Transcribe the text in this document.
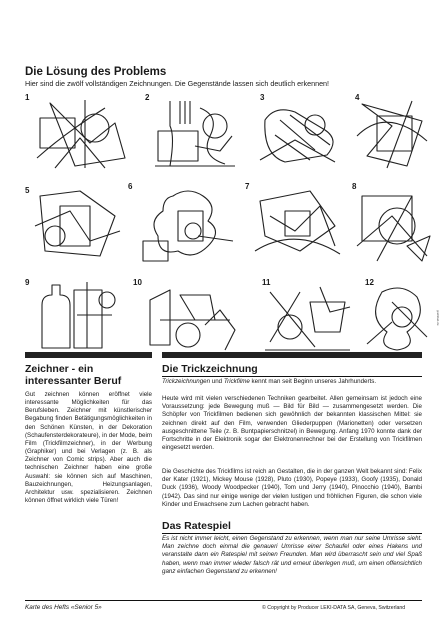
Die Lösung des Problems
Hier sind die zwölf vollständigen Zeichnungen. Die Gegenstände lassen sich deutlich erkennen!
1	2	3	4
5	6	7	8
9	10	11	12
Zeichner - ein
interessanter Beruf
Gut zeichnen können eröffnet viele interessante Möglichkeiten für das Berufsleben. Zeichner mit künstlerischer Begabung finden Betätigungsmöglichkeiten in den Schönen Künsten, in der Dekoration (Schaufensterdekorateure), in der Mode, beim Film (Trickfilmzeichner), in der Werbung (Graphiker) und bei Verlagen (z. B. als Zeichner von Comic strips). Aber auch die technischen Zeichner haben eine große Auswahl: sie können sich auf Maschinen, Bauzeichnungen, Heizungsanlagen, Architektur usw. spezialisieren. Zeichnen können öffnet wirklich viele Türen!
Die Trickzeichnung
Trickzeichnungen und Trickfilme kennt man seit Beginn unseres Jahrhunderts.
Heute wird mit vielen verschiedenen Techniken gearbeitet. Allen gemeinsam ist jedoch eine Voraussetzung: jede Bewegung muß — Bild für Bild — zusammengesetzt werden. Die Schöpfer von Trickfilmen bedienen sich gewöhnlich der bekannten klassischen Mittel: sie zeichnen direkt auf den Film, verwenden Gliederpuppen (Marionetten) oder versetzen ausgeschnittene Teile (z. B. Buntpapierschnitzel) in Bewegung. Anfang 1970 konnte dank der Fortschritte in der Elektronik sogar der Elektronenrechner bei der Erstellung von Trickfilmen eingesetzt werden.
Die Geschichte des Trickfilms ist reich an Gestalten, die in der ganzen Welt bekannt sind: Felix der Kater (1921), Mickey Mouse (1928), Pluto (1930), Popeye (1933), Goofy (1935), Donald Duck (1936), Woody Woodpecker (1940), Tom und Jerry (1940), Pinocchio (1940), Bambi (1942). Das sind nur einige wenige der vielen lustigen und fröhlichen Figuren, die schon viele Kinder und Erwachsene zum Lachen gebracht haben.
Das Ratespiel
Es ist nicht immer leicht, einen Gegenstand zu erkennen, wenn man nur seine Umrisse sieht. Man zeichne doch einmal die genaueri Umrisse einer Schaufel oder eines Hakens und veranstalte dann ein Ratespiel mit seinen Freunden. Man wird überrascht sein und viel Spaß haben, wenn man immer wieder falsch rät und erneut überlegen muß, um einen offensichtlich ganz einfachen Gegenstand zu erkennen!
Karte des Hefts «Senior 5»	© Copyright by Producer LEKI-DATA SA, Geneva, Switzerland
grafiklab.de
